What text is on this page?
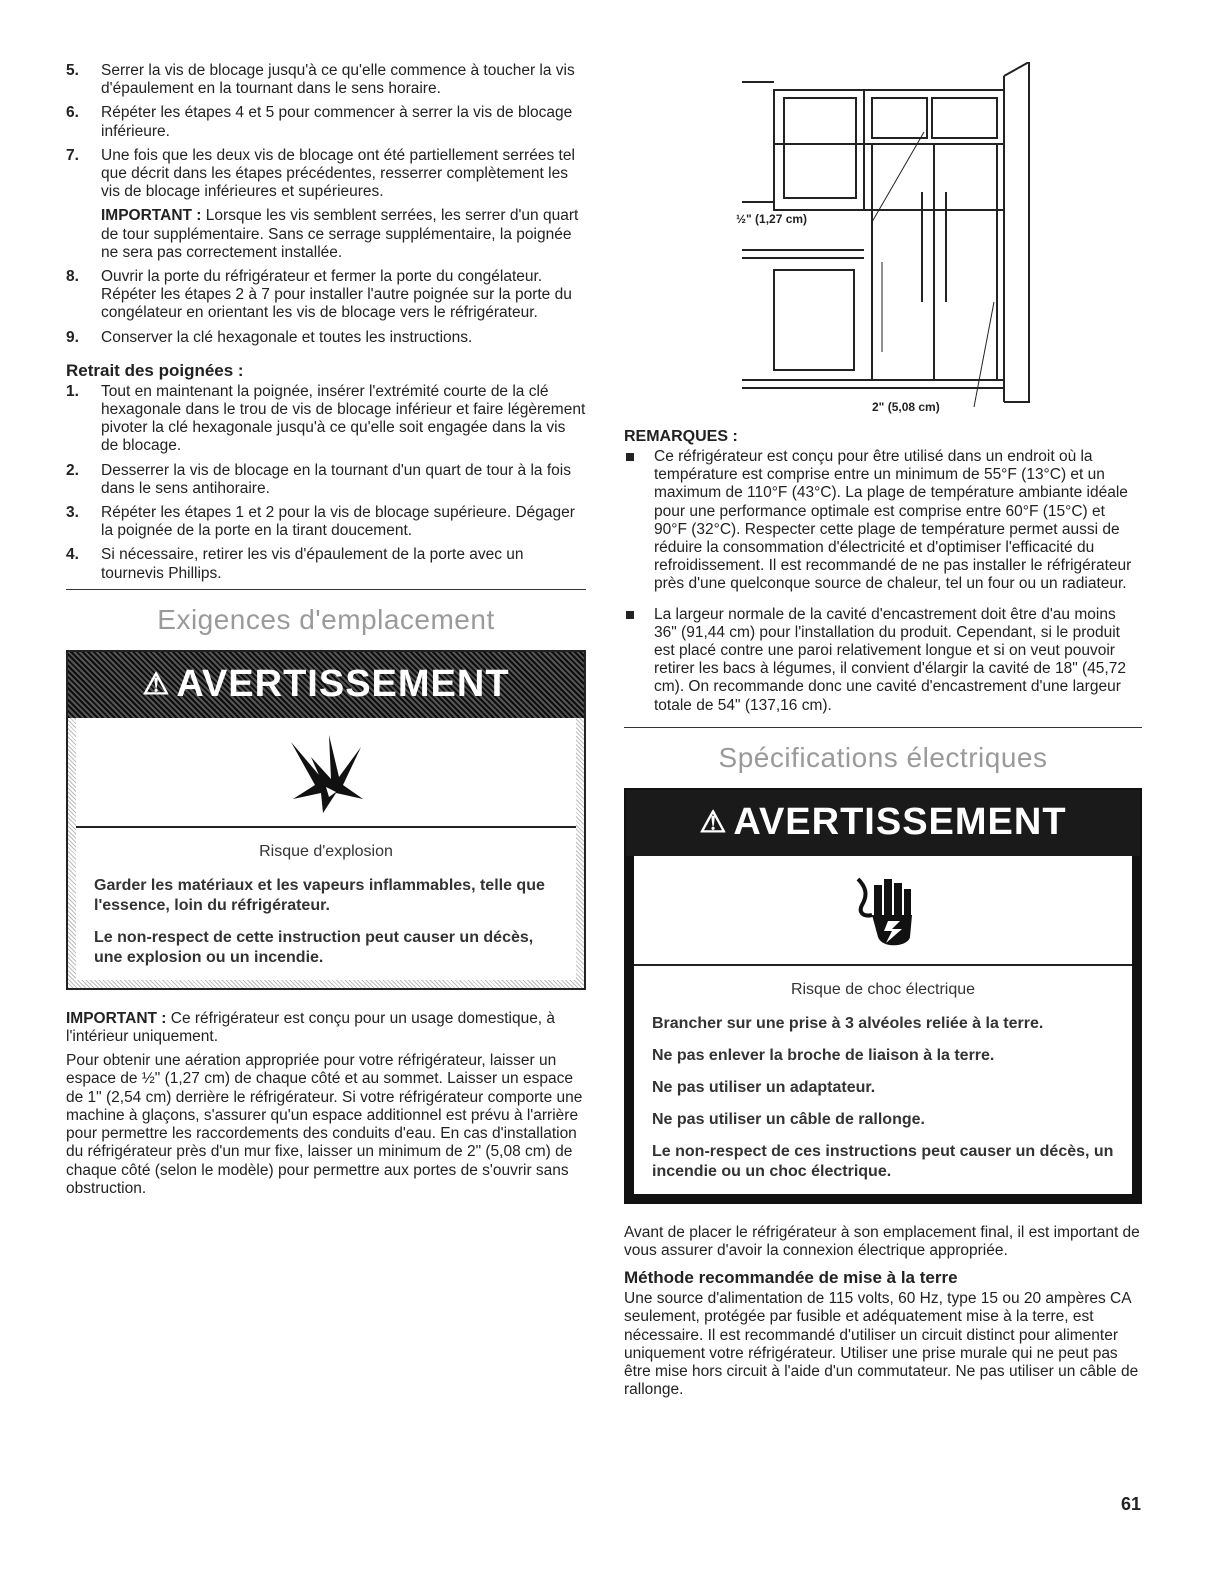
5. Serrer la vis de blocage jusqu'à ce qu'elle commence à toucher la vis d'épaulement en la tournant dans le sens horaire.
6. Répéter les étapes 4 et 5 pour commencer à serrer la vis de blocage inférieure.
7. Une fois que les deux vis de blocage ont été partiellement serrées tel que décrit dans les étapes précédentes, resserrer complètement les vis de blocage inférieures et supérieures.

IMPORTANT : Lorsque les vis semblent serrées, les serrer d'un quart de tour supplémentaire. Sans ce serrage supplémentaire, la poignée ne sera pas correctement installée.

8. Ouvrir la porte du réfrigérateur et fermer la porte du congélateur. Répéter les étapes 2 à 7 pour installer l'autre poignée sur la porte du congélateur en orientant les vis de blocage vers le réfrigérateur.
9. Conserver la clé hexagonale et toutes les instructions.
Retrait des poignées :
1. Tout en maintenant la poignée, insérer l'extrémité courte de la clé hexagonale dans le trou de vis de blocage inférieur et faire légèrement pivoter la clé hexagonale jusqu'à ce qu'elle soit engagée dans la vis de blocage.
2. Desserrer la vis de blocage en la tournant d'un quart de tour à la fois dans le sens antihoraire.
3. Répéter les étapes 1 et 2 pour la vis de blocage supérieure. Dégager la poignée de la porte en la tirant doucement.
4. Si nécessaire, retirer les vis d'épaulement de la porte avec un tournevis Phillips.
Exigences d'emplacement
⚠ AVERTISSEMENT

Risque d'explosion

Garder les matériaux et les vapeurs inflammables, telle que l'essence, loin du réfrigérateur.

Le non-respect de cette instruction peut causer un décès, une explosion ou un incendie.

IMPORTANT : Ce réfrigérateur est conçu pour un usage domestique, à l'intérieur uniquement.

Pour obtenir une aération appropriée pour votre réfrigérateur, laisser un espace de ½" (1,27 cm) de chaque côté et au sommet. Laisser un espace de 1" (2,54 cm) derrière le réfrigérateur. Si votre réfrigérateur comporte une machine à glaçons, s'assurer qu'un espace additionnel est prévu à l'arrière pour permettre les raccordements des conduits d'eau. En cas d'installation du réfrigérateur près d'un mur fixe, laisser un minimum de 2" (5,08 cm) de chaque côté (selon le modèle) pour permettre aux portes de s'ouvrir sans obstruction.

½" (1,27 cm)
2" (5,08 cm)
REMARQUES :
Ce réfrigérateur est conçu pour être utilisé dans un endroit où la température est comprise entre un minimum de 55°F (13°C) et un maximum de 110°F (43°C). La plage de température ambiante idéale pour une performance optimale est comprise entre 60°F (15°C) et 90°F (32°C). Respecter cette plage de température permet aussi de réduire la consommation d'électricité et d'optimiser l'efficacité du refroidissement. Il est recommandé de ne pas installer le réfrigérateur près d'une quelconque source de chaleur, tel un four ou un radiateur.
La largeur normale de la cavité d'encastrement doit être d'au moins 36" (91,44 cm) pour l'installation du produit. Cependant, si le produit est placé contre une paroi relativement longue et si on veut pouvoir retirer les bacs à légumes, il convient d'élargir la cavité de 18" (45,72 cm). On recommande donc une cavité d'encastrement d'une largeur totale de 54" (137,16 cm).
Spécifications électriques
⚠ AVERTISSEMENT

Risque de choc électrique

Brancher sur une prise à 3 alvéoles reliée à la terre.

Ne pas enlever la broche de liaison à la terre.

Ne pas utiliser un adaptateur.

Ne pas utiliser un câble de rallonge.

Le non-respect de ces instructions peut causer un décès, un incendie ou un choc électrique.

Avant de placer le réfrigérateur à son emplacement final, il est important de vous assurer d'avoir la connexion électrique appropriée.

Méthode recommandée de mise à la terre

Une source d'alimentation de 115 volts, 60 Hz, type 15 ou 20 ampères CA seulement, protégée par fusible et adéquatement mise à la terre, est nécessaire. Il est recommandé d'utiliser un circuit distinct pour alimenter uniquement votre réfrigérateur. Utiliser une prise murale qui ne peut pas être mise hors circuit à l'aide d'un commutateur. Ne pas utiliser un câble de rallonge.

61
